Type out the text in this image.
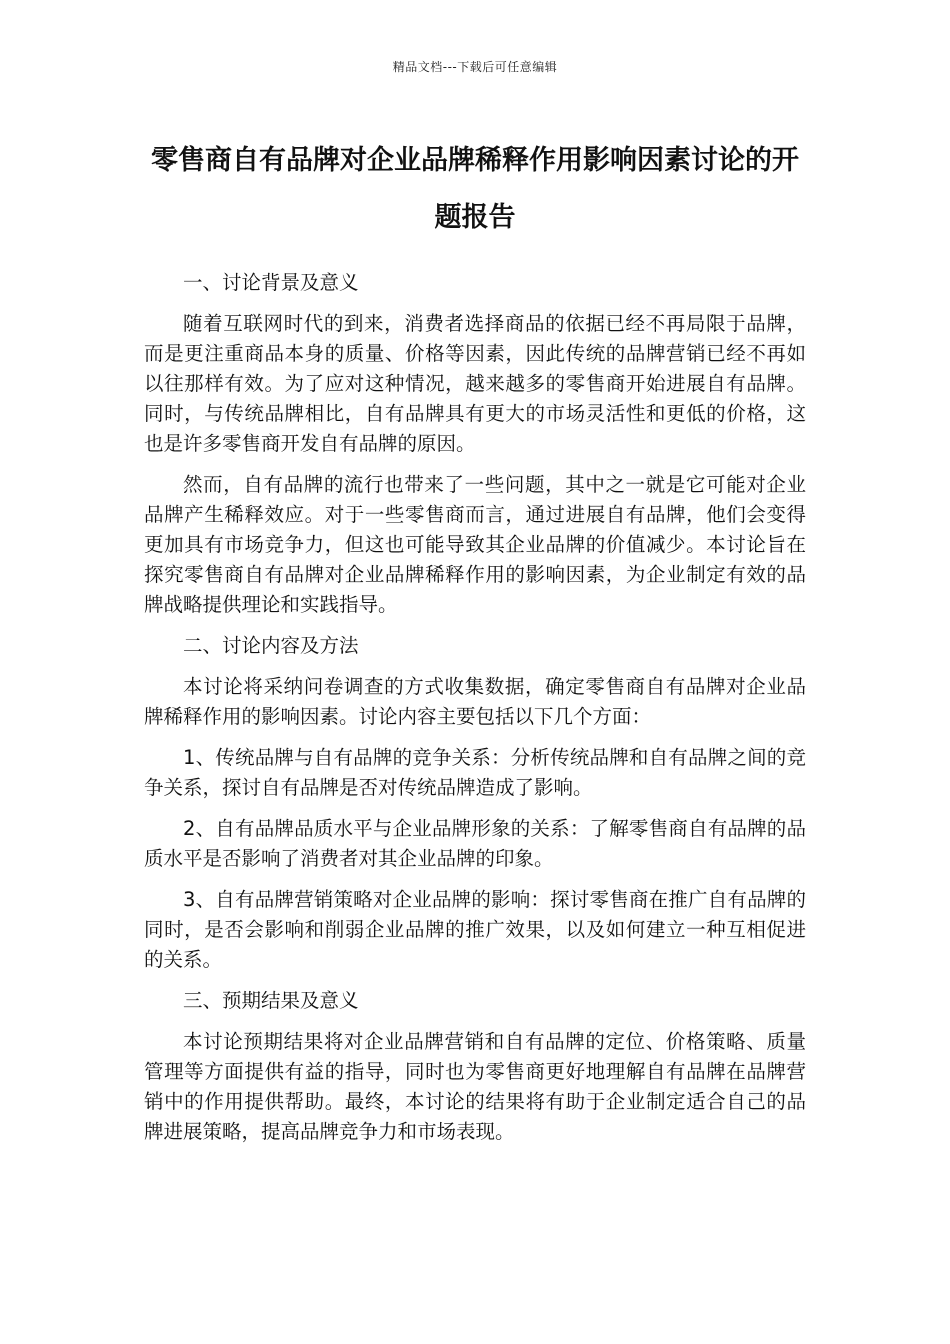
精品文档---下载后可任意编辑
零售商自有品牌对企业品牌稀释作用影响因素讨论的开题报告

一、讨论背景及意义

随着互联网时代的到来，消费者选择商品的依据已经不再局限于品牌，而是更注重商品本身的质量、价格等因素，因此传统的品牌营销已经不再如以往那样有效。为了应对这种情况，越来越多的零售商开始进展自有品牌。同时，与传统品牌相比，自有品牌具有更大的市场灵活性和更低的价格，这也是许多零售商开发自有品牌的原因。

然而，自有品牌的流行也带来了一些问题，其中之一就是它可能对企业品牌产生稀释效应。对于一些零售商而言，通过进展自有品牌，他们会变得更加具有市场竞争力，但这也可能导致其企业品牌的价值减少。本讨论旨在探究零售商自有品牌对企业品牌稀释作用的影响因素，为企业制定有效的品牌战略提供理论和实践指导。

二、讨论内容及方法

本讨论将采纳问卷调查的方式收集数据，确定零售商自有品牌对企业品牌稀释作用的影响因素。讨论内容主要包括以下几个方面：

1、传统品牌与自有品牌的竞争关系：分析传统品牌和自有品牌之间的竞争关系，探讨自有品牌是否对传统品牌造成了影响。

2、自有品牌品质水平与企业品牌形象的关系：了解零售商自有品牌的品质水平是否影响了消费者对其企业品牌的印象。

3、自有品牌营销策略对企业品牌的影响：探讨零售商在推广自有品牌的同时，是否会影响和削弱企业品牌的推广效果，以及如何建立一种互相促进的关系。

三、预期结果及意义

本讨论预期结果将对企业品牌营销和自有品牌的定位、价格策略、质量管理等方面提供有益的指导，同时也为零售商更好地理解自有品牌在品牌营销中的作用提供帮助。最终，本讨论的结果将有助于企业制定适合自己的品牌进展策略，提高品牌竞争力和市场表现。
